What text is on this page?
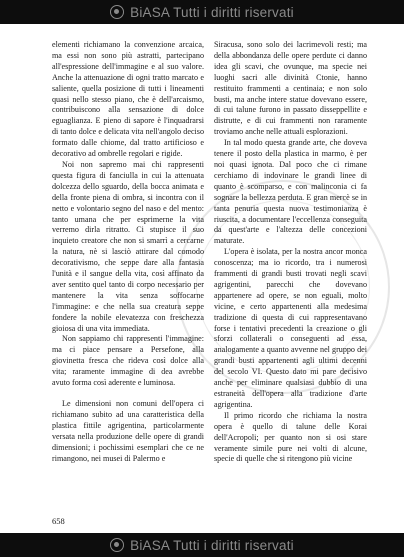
BiASA Tutti i diritti riservati

elementi richiamano la convenzione arcaica, ma essi non sono più astratti, partecipano all'espressione dell'immagine e al suo valore. Anche la attenuazione di ogni tratto marcato e saliente, quella posizione di tutti i lineamenti quasi nello stesso piano, che è dell'arcaismo, contribuiscono alla sensazione di dolce eguaglianza. E pieno di sapore è l'inquadrarsi di tanto dolce e delicata vita nell'angolo deciso formato dalle chiome, dal tratto artificioso e decorativo ad ombrelle regolari e rigide.

Noi non sapremo mai chi rappresenti questa figura di fanciulla in cui la attenuata dolcezza dello sguardo, della bocca animata e della fronte piena di ombra, si incontra con il netto e volontario segno del naso e del mento: tanto umana che per esprimerne la vita verremo dirla ritratto. Ci stupisce il suo inquieto creatore che non si smarrì a cercarne la natura, nè si lasciò attirare dal comodo decorativismo, che seppe dare alla fantasia l'unità e il sangue della vita, così affinato da aver sentito quel tanto di corpo necessario per mantenere la vita senza soffocarne l'immagine: e che nella sua creatura seppe fondere la nobile elevatezza con freschezza gioiosa di una vita immediata.

Non sappiamo chi rappresenti l'immagine: ma ci piace pensare a Persefone, alla giovinetta fresca che rideva così dolce alla vita; raramente immagine di dea avrebbe avuto forma così aderente e luminosa.

Le dimensioni non comuni dell'opera ci richiamano subito ad una caratteristica della plastica fittile agrigentina, particolarmente versata nella produzione delle opere di grandi dimensioni; i pochissimi esemplari che ce ne rimangono, nei musei di Palermo e

Siracusa, sono solo dei lacrimevoli resti; ma della abbondanza delle opere perdute ci danno idea gli scavi, che ovunque, ma specie nei luoghi sacri alle divinità Ctonie, hanno restituito frammenti a centinaia; e non solo busti, ma anche intere statue dovevano essere, di cui talune furono in passato disseppellite e distrutte, e di cui frammenti non raramente troviamo anche nelle attuali esplorazioni.

In tal modo questa grande arte, che doveva tenere il posto della plastica in marmo, è per noi quasi ignota. Dal poco che ci rimane cerchiamo di indovinare le grandi linee di quanto è scomparso, e con malinconia ci fa sognare la bellezza perduta. E gran mercè se in tanta penuria questa nuova testimonianza è riuscita, a documentare l'eccellenza conseguita da quest'arte e l'altezza delle concezioni maturate.

L'opera è isolata, per la nostra ancor monca conoscenza; ma io ricordo, tra i numerosi frammenti di grandi busti trovati negli scavi agrigentini, parecchi che dovevano appartenere ad opere, se non eguali, molto vicine, e certo appartenenti alla medesima tradizione di questa di cui rappresentavano forse i tentativi precedenti la creazione o gli sforzi collaterali o conseguenti ad essa, analogamente a quanto avvenne nel gruppo dei grandi busti appartenenti agli ultimi decenni del secolo VI. Questo dato mi pare decisivo anche per eliminare qualsiasi dubbio di una estraneità dell'opera alla tradizione d'arte agrigentina.

Il primo ricordo che richiama la nostra opera è quello di talune delle Korai dell'Acropoli; per quanto non si osi stare veramente simile pure nei volti di alcune, specie di quelle che si ritengono più vicine

658
BiASA Tutti i diritti riservati
